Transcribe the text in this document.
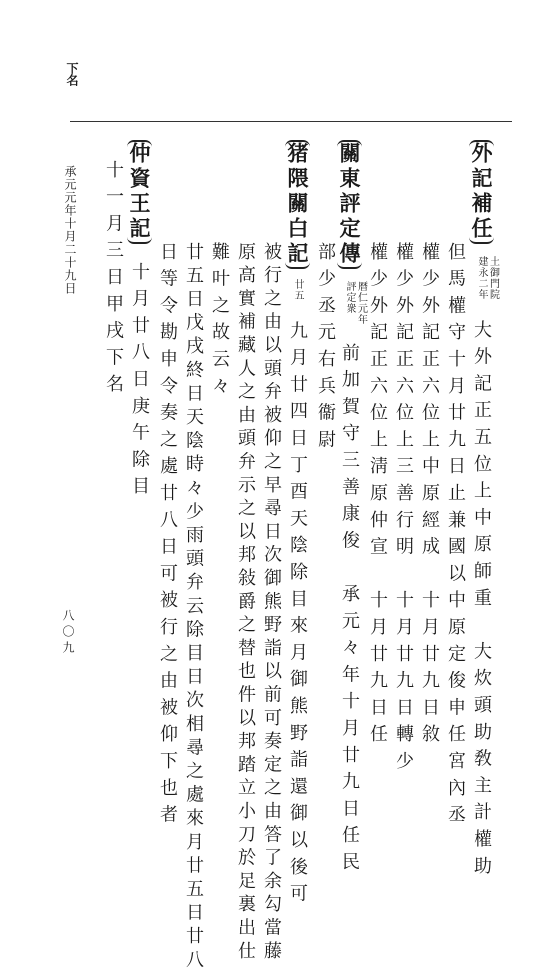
下名
承元元年十月二十九日
八〇九
外記補任土御門院
建永二年大外記正五位上中原師重　大炊頭助敎主計權助
但馬權守十月廿九日止兼國以中原定俊申任宮內丞
權少外記正六位上中原經成　十月廿九日敘
權少外記正六位上三善行明　十月廿九日轉少
權少外記正六位上淸原仲宣　十月廿九日任
關東評定傳暦仁元年
評定衆前加賀守三善康俊　承元々年十月廿九日任民
部少丞元右兵衞尉
猪隈關白記廿五九月廿四日丁酉天陰除目來月御熊野詣還御以後可
被行之由以頭弁被仰之早尋日次御熊野詣以前可奏定之由答了余勾當藤
原高實補藏人之由頭弁示之以邦敍爵之替也件以邦踏立小刀於足裏出仕
難叶之故云々
廿五日戊戌終日天陰時々少雨頭弁云除目日次相尋之處來月廿五日廿八
日等令勘申令奏之處廿八日可被行之由被仰下也者
仲資王記十月廿八日庚午除目
十一月三日甲戌下名
